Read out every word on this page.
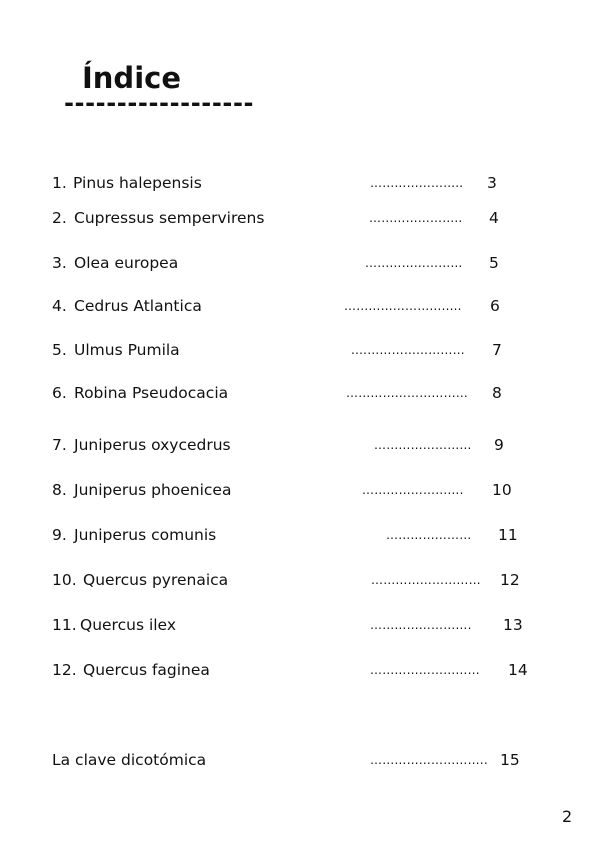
Índice
------------------
1. Pinus halepensis	………………..... 3
2. Cupressus sempervirens	………………….. 4
3. Olea europea	…………………… 5
4. Cedrus Atlantica	……………………..... 6
5. Ulmus Pumila	.……………………… 7
6. Robina Pseudocacia	………………………… 8
7. Juniperus oxycedrus	…………………… 9
8. Juniperus phoenicea	……………………. 10
9. Juniperus comunis	………………… 11
10. Quercus pyrenaica	……………………… 12
11. Quercus ilex	……………………. 13
12. Quercus faginea	……………………… 14
La clave dicotómica	……………………….. 15
2
